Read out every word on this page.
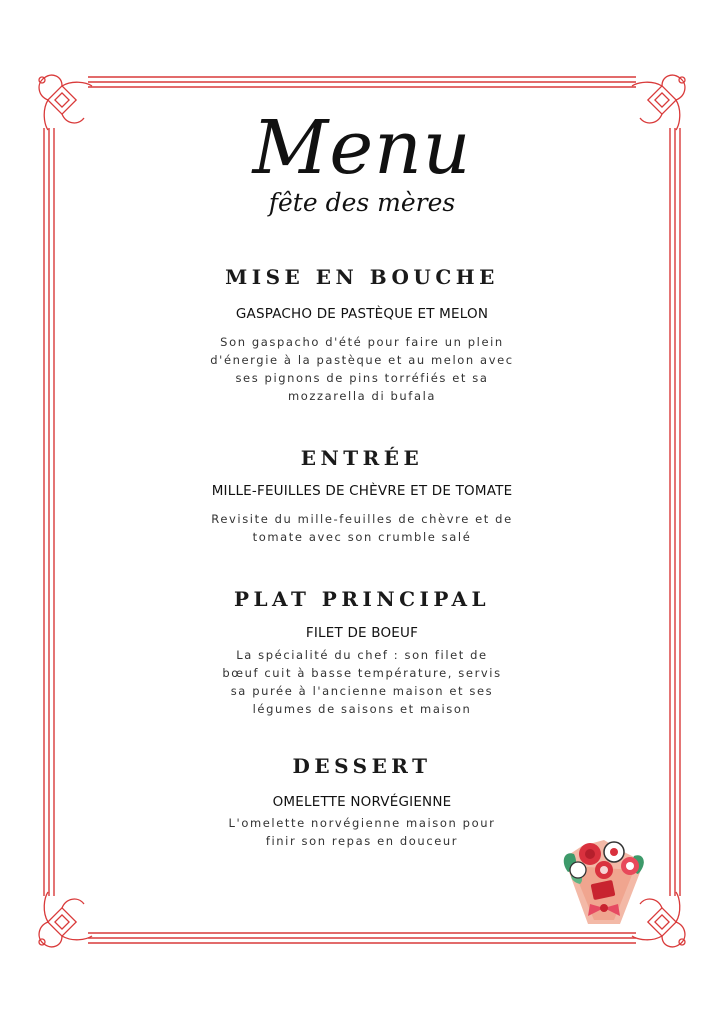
Menu
fête des mères
MISE EN BOUCHE
GASPACHO DE PASTÈQUE ET MELON
Son gaspacho d'été pour faire un plein
d'énergie à la pastèque et au melon avec
ses pignons de pins torréfiés et sa
mozzarella di bufala
ENTRÉE
MILLE-FEUILLES DE CHÈVRE ET DE TOMATE
Revisite du mille-feuilles de chèvre et de
tomate avec son crumble salé
PLAT PRINCIPAL
FILET DE BOEUF
La spécialité du chef : son filet de
bœuf cuit à basse température, servis
sa purée à l'ancienne maison et ses
légumes de saisons et maison
DESSERT
OMELETTE NORVÉGIENNE
L'omelette norvégienne maison pour
finir son repas en douceur
